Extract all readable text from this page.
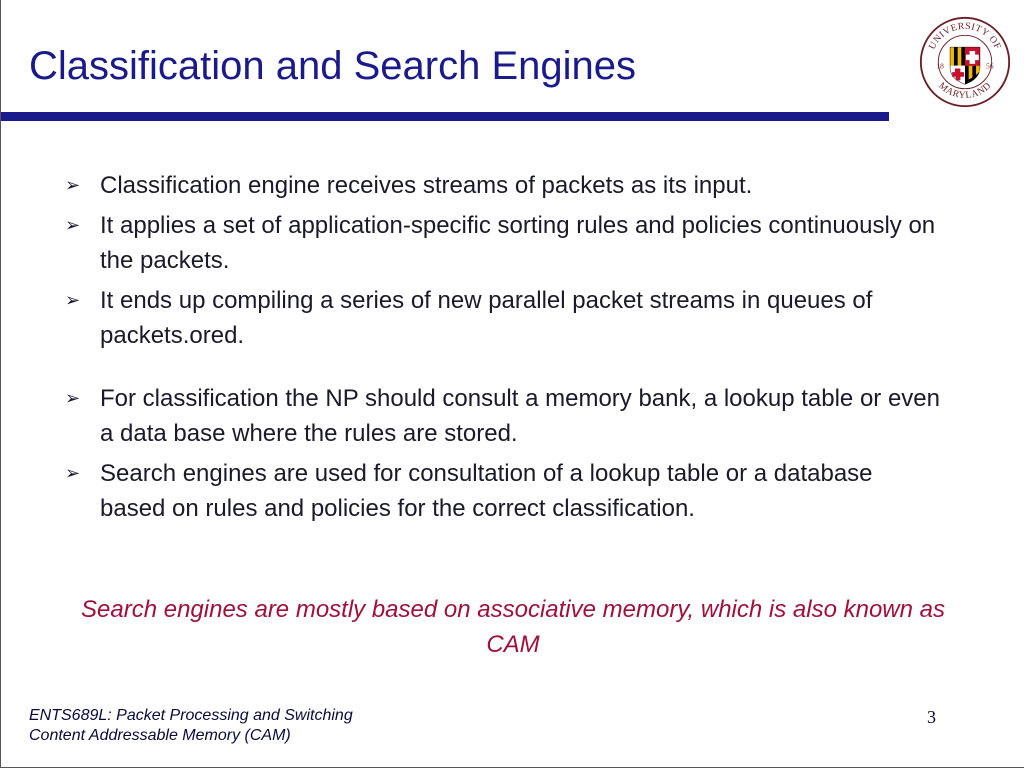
Classification and Search Engines	UNIVERSITY OF
MARYLAND
18	56
➢ Classification engine receives streams of packets as its input.
➢ It applies a set of application-specific sorting rules and policies continuously on the packets.
➢ It ends up compiling a series of new parallel packet streams in queues of packets.ored.
➢ For classification the NP should consult a memory bank, a lookup table or even a data base where the rules are stored.
➢ Search engines are used for consultation of a lookup table or a database based on rules and policies for the correct classification.

Search engines are mostly based on associative memory, which is also known as CAM

ENTS689L: Packet Processing and Switching
Content Addressable Memory (CAM)
3
